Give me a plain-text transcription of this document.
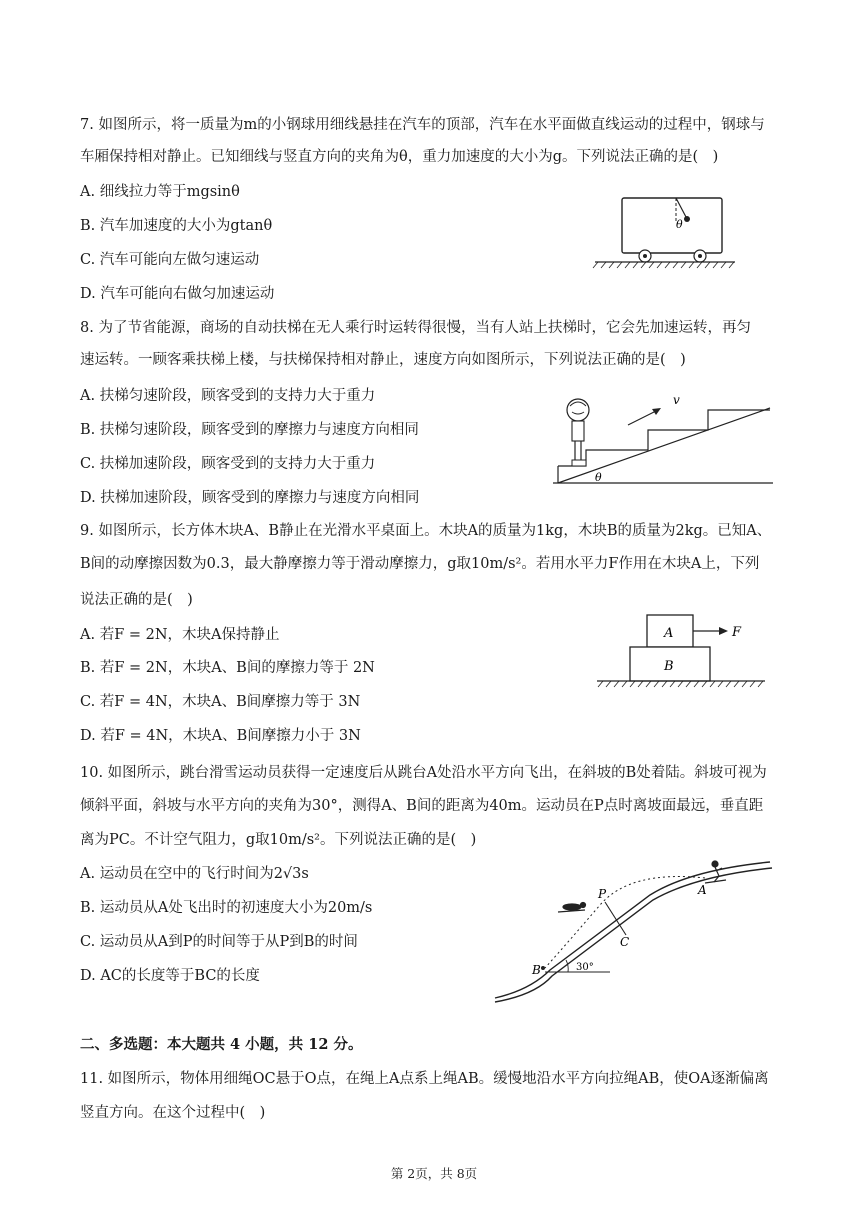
7. 如图所示，将一质量为m的小钢球用细线悬挂在汽车的顶部，汽车在水平面做直线运动的过程中，钢球与
车厢保持相对静止。已知细线与竖直方向的夹角为θ，重力加速度的大小为g。下列说法正确的是(　)
A. 细线拉力等于mgsinθ
B. 汽车加速度的大小为gtanθ
C. 汽车可能向左做匀速运动
D. 汽车可能向右做匀加速运动
θ
8. 为了节省能源，商场的自动扶梯在无人乘行时运转得很慢，当有人站上扶梯时，它会先加速运转，再匀
速运转。一顾客乘扶梯上楼，与扶梯保持相对静止，速度方向如图所示，下列说法正确的是(　)
A. 扶梯匀速阶段，顾客受到的支持力大于重力
B. 扶梯匀速阶段，顾客受到的摩擦力与速度方向相同
C. 扶梯加速阶段，顾客受到的支持力大于重力
D. 扶梯加速阶段，顾客受到的摩擦力与速度方向相同
v
θ
9. 如图所示，长方体木块A、B静止在光滑水平桌面上。木块A的质量为1kg，木块B的质量为2kg。已知A、
B间的动摩擦因数为0.3，最大静摩擦力等于滑动摩擦力，g取10m/s²。若用水平力F作用在木块A上，下列
说法正确的是(　)
A. 若F = 2N，木块A保持静止
B. 若F = 2N，木块A、B间的摩擦力等于 2N
C. 若F = 4N，木块A、B间摩擦力等于 3N
D. 若F = 4N，木块A、B间摩擦力小于 3N
A
B
F
10. 如图所示，跳台滑雪运动员获得一定速度后从跳台A处沿水平方向飞出，在斜坡的B处着陆。斜坡可视为
倾斜平面，斜坡与水平方向的夹角为30°，测得A、B间的距离为40m。运动员在P点时离坡面最远，垂直距
离为PC。不计空气阻力，g取10m/s²。下列说法正确的是(　)
A. 运动员在空中的飞行时间为2√3s
B. 运动员从A处飞出时的初速度大小为20m/s
C. 运动员从A到P的时间等于从P到B的时间
D. AC的长度等于BC的长度
30°
B
P
C
A
二、多选题：本大题共 4 小题，共 12 分。
11. 如图所示，物体用细绳OC悬于O点，在绳上A点系上绳AB。缓慢地沿水平方向拉绳AB，使OA逐渐偏离
竖直方向。在这个过程中(　)
第 2页，共 8页
